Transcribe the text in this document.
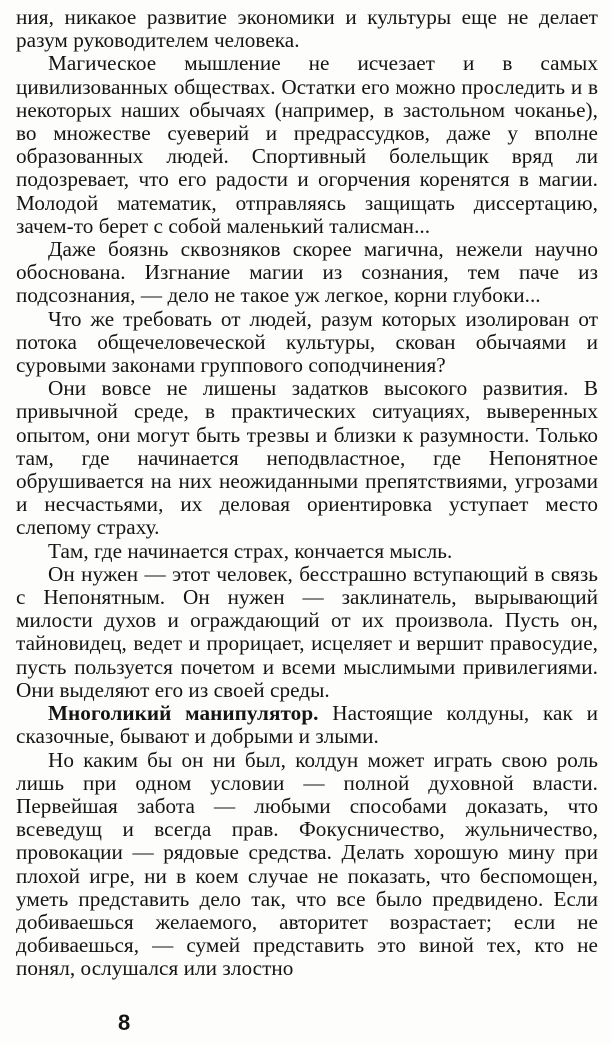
ния, никакое развитие экономики и культуры еще не делает разум руководителем человека.

Магическое мышление не исчезает и в самых цивилизованных обществах. Остатки его можно проследить и в некоторых наших обычаях (например, в застольном чоканье), во множестве суеверий и предрассудков, даже у вполне образованных людей. Спортивный болельщик вряд ли подозревает, что его радости и огорчения коренятся в магии. Молодой математик, отправляясь защищать диссертацию, зачем-то берет с собой маленький талисман...

Даже боязнь сквозняков скорее магична, нежели научно обоснована. Изгнание магии из сознания, тем паче из подсознания, — дело не такое уж легкое, корни глубоки...

Что же требовать от людей, разум которых изолирован от потока общечеловеческой культуры, скован обычаями и суровыми законами группового соподчинения?

Они вовсе не лишены задатков высокого развития. В привычной среде, в практических ситуациях, выверенных опытом, они могут быть трезвы и близки к разумности. Только там, где начинается неподвластное, где Непонятное обрушивается на них неожиданными препятствиями, угрозами и несчастьями, их деловая ориентировка уступает место слепому страху.

Там, где начинается страх, кончается мысль.

Он нужен — этот человек, бесстрашно вступающий в связь с Непонятным. Он нужен — заклинатель, вырывающий милости духов и ограждающий от их произвола. Пусть он, тайновидец, ведет и прорицает, исцеляет и вершит правосудие, пусть пользуется почетом и всеми мыслимыми привилегиями. Они выделяют его из своей среды.

Многоликий манипулятор. Настоящие колдуны, как и сказочные, бывают и добрыми и злыми.

Но каким бы он ни был, колдун может играть свою роль лишь при одном условии — полной духовной власти. Первейшая забота — любыми способами доказать, что всеведущ и всегда прав. Фокусничество, жульничество, провокации — рядовые средства. Делать хорошую мину при плохой игре, ни в коем случае не показать, что беспомощен, уметь представить дело так, что все было предвидено. Если добиваешься желаемого, авторитет возрастает; если не добиваешься, — сумей представить это виной тех, кто не понял, ослушался или злостно

8
